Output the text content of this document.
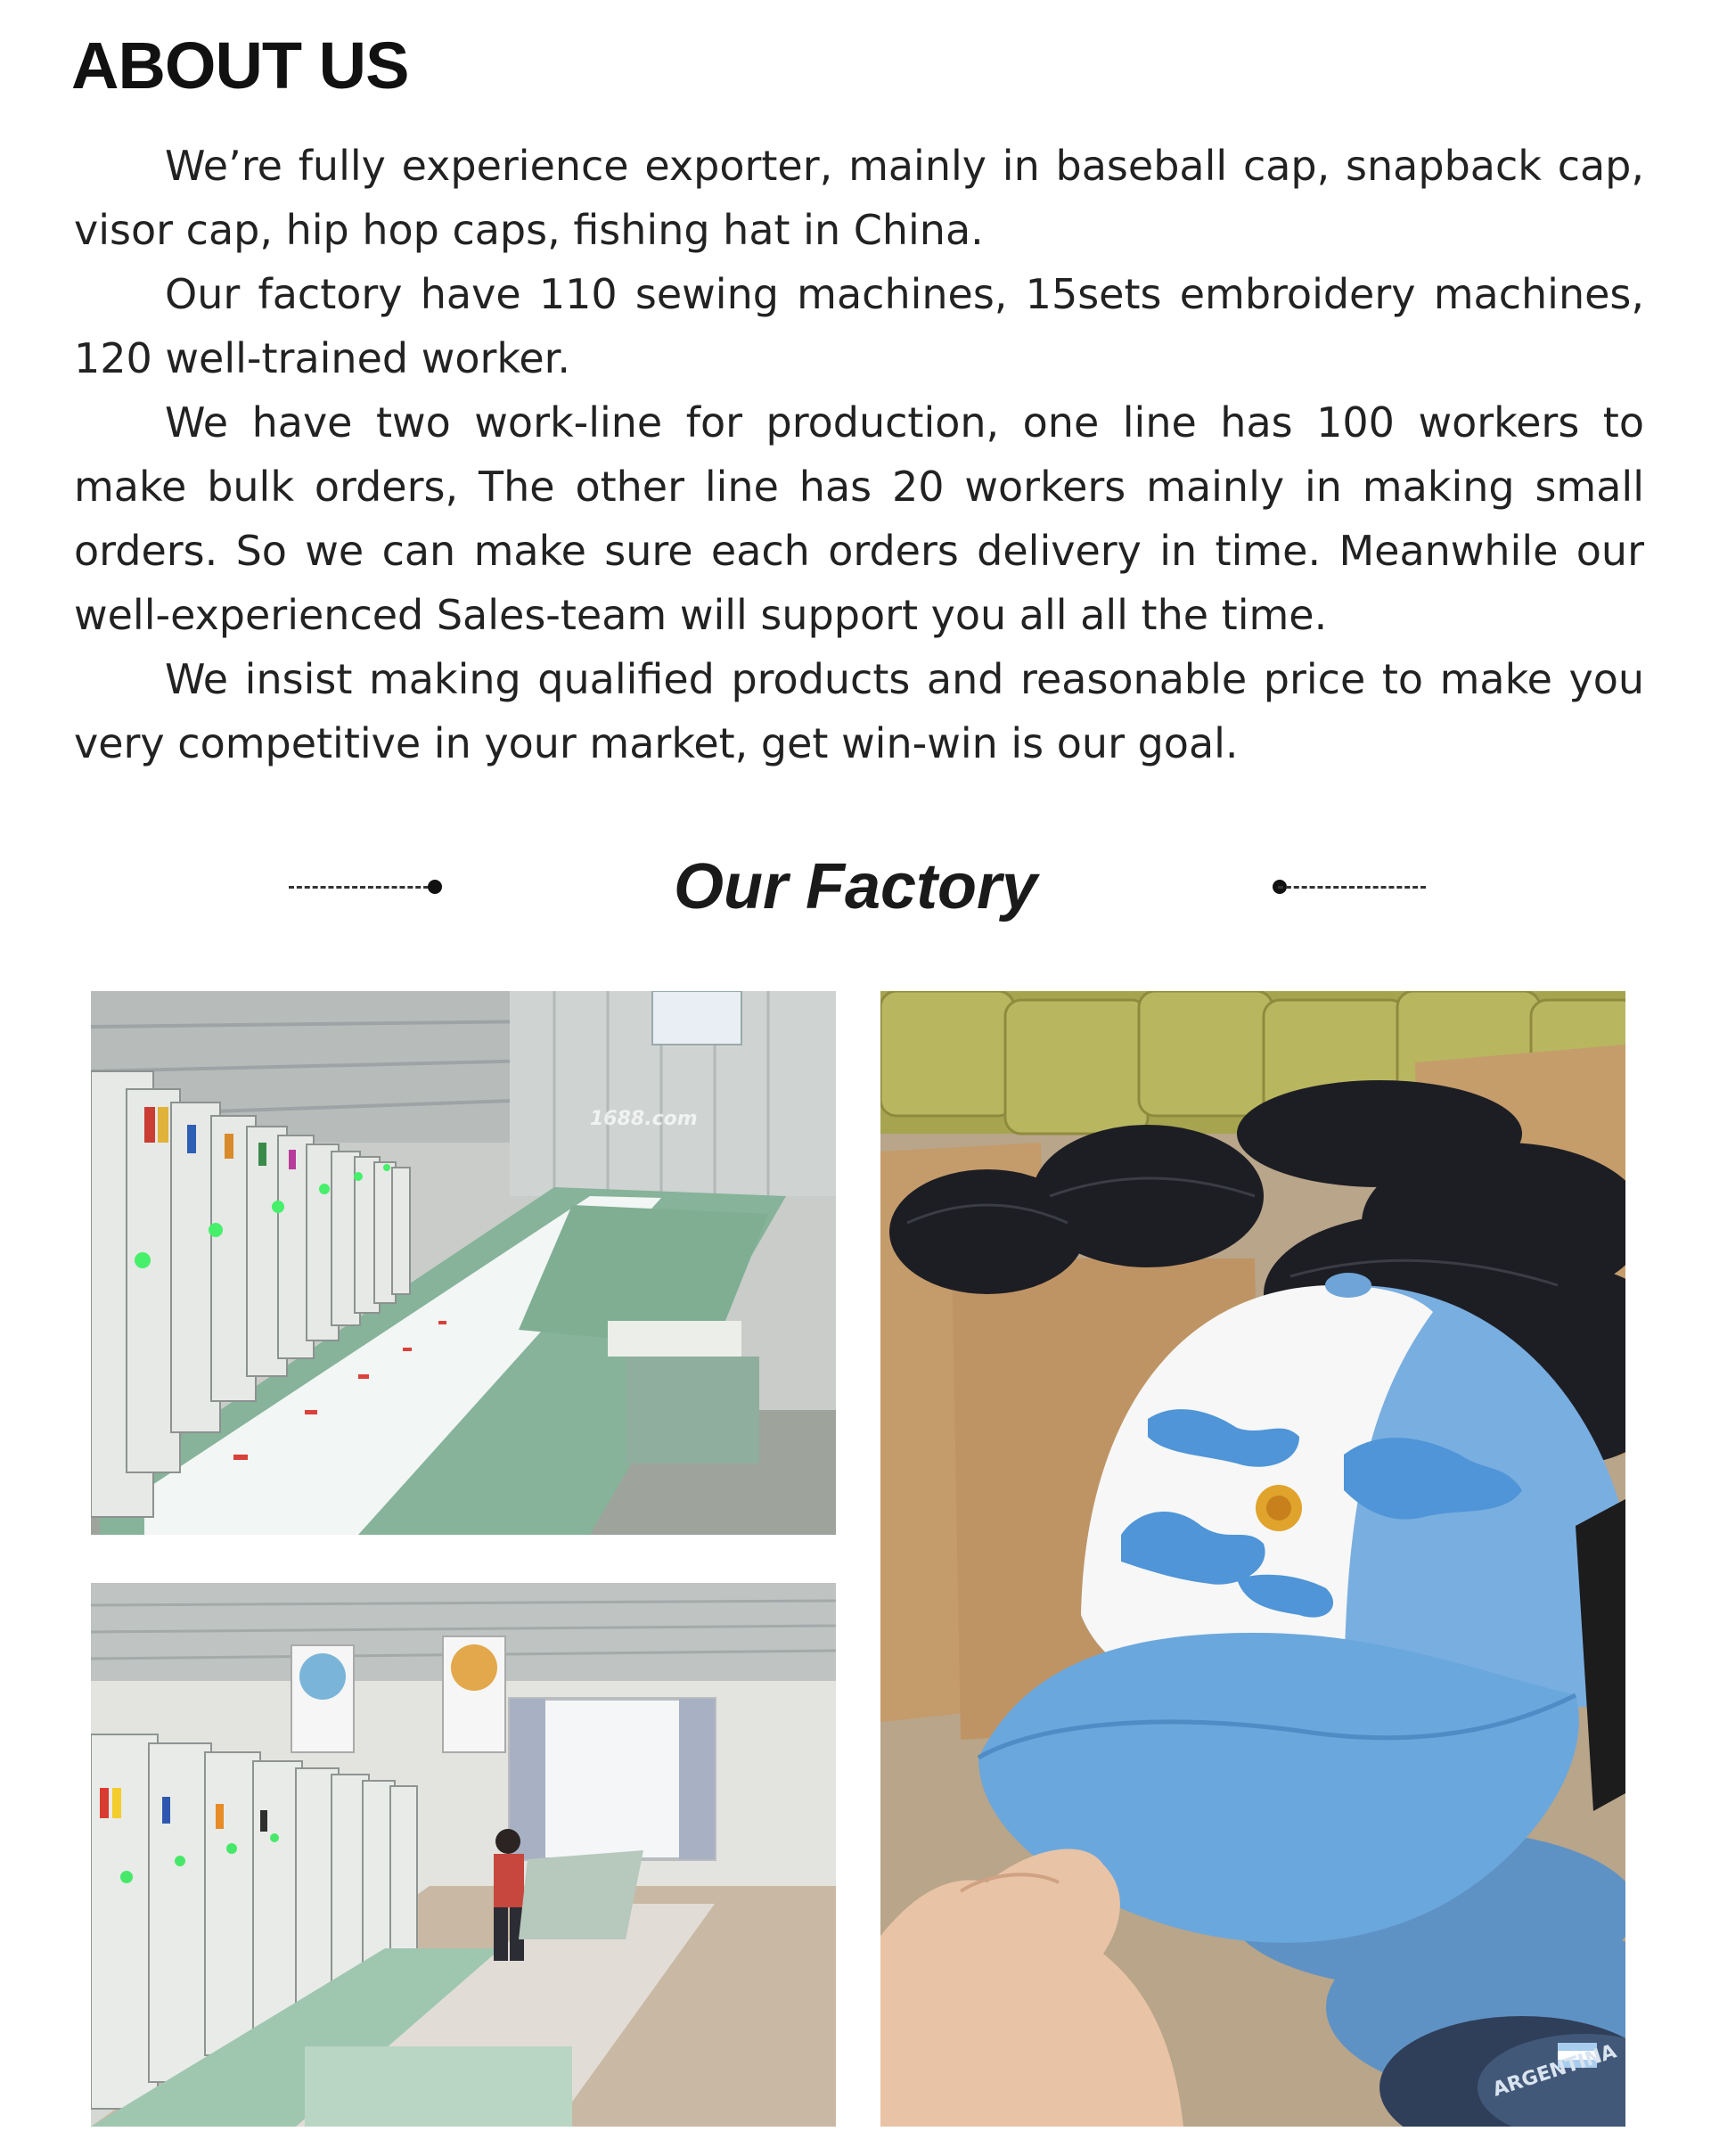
ABOUT US

We’re fully experience exporter, mainly in baseball cap, snapback cap, visor cap, hip hop caps, fishing hat in China.

Our factory have 110 sewing machines, 15sets embroidery machines, 120 well-trained worker.

We have two work-line for production, one line has 100 workers to make bulk orders, The other line has 20 workers mainly in making small orders. So we can make sure each orders delivery in time. Meanwhile our well-experienced Sales-team will support you all all the time.

We insist making qualified products and reasonable price to make you very competitive in your market, get win-win is our goal.

Our Factory
1688.com
ARGENTINA
